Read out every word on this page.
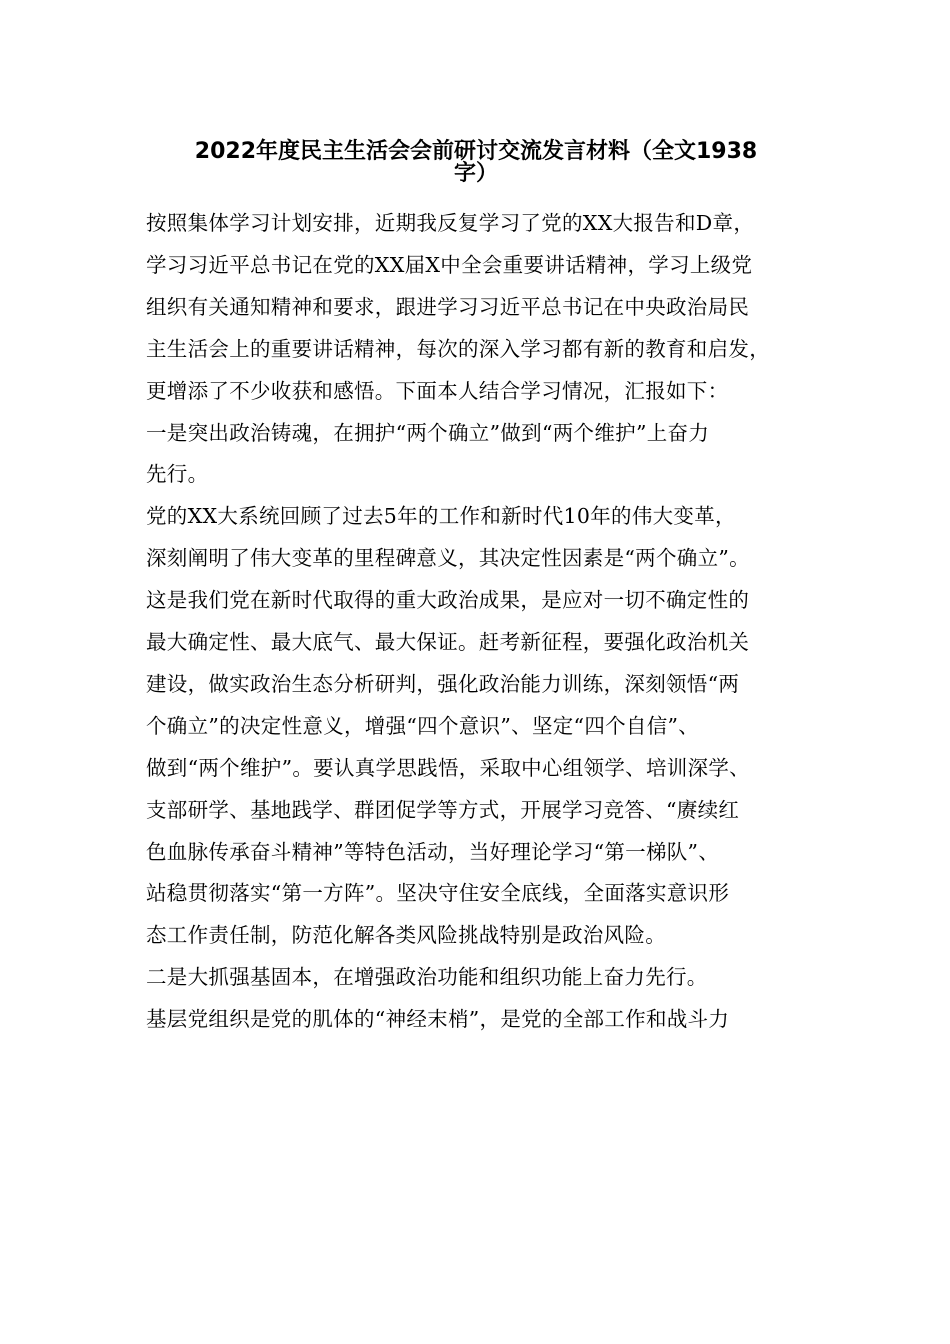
2022年度民主生活会会前研讨交流发言材料（全文1938
字）
按照集体学习计划安排，近期我反复学习了党的XX大报告和D章，
学习习近平总书记在党的XX届X中全会重要讲话精神，学习上级党
组织有关通知精神和要求，跟进学习习近平总书记在中央政治局民
主生活会上的重要讲话精神，每次的深入学习都有新的教育和启发，
更增添了不少收获和感悟。下面本人结合学习情况，汇报如下：
一是突出政治铸魂，在拥护“两个确立”做到“两个维护”上奋力
先行。
党的XX大系统回顾了过去5年的工作和新时代10年的伟大变革，
深刻阐明了伟大变革的里程碑意义，其决定性因素是“两个确立”。
这是我们党在新时代取得的重大政治成果，是应对一切不确定性的
最大确定性、最大底气、最大保证。赶考新征程，要强化政治机关
建设，做实政治生态分析研判，强化政治能力训练，深刻领悟“两
个确立”的决定性意义，增强“四个意识”、坚定“四个自信”、
做到“两个维护”。要认真学思践悟，采取中心组领学、培训深学、
支部研学、基地践学、群团促学等方式，开展学习竞答、“赓续红
色血脉传承奋斗精神”等特色活动，当好理论学习“第一梯队”、
站稳贯彻落实“第一方阵”。坚决守住安全底线，全面落实意识形
态工作责任制，防范化解各类风险挑战特别是政治风险。
二是大抓强基固本，在增强政治功能和组织功能上奋力先行。
基层党组织是党的肌体的“神经末梢”，是党的全部工作和战斗力
